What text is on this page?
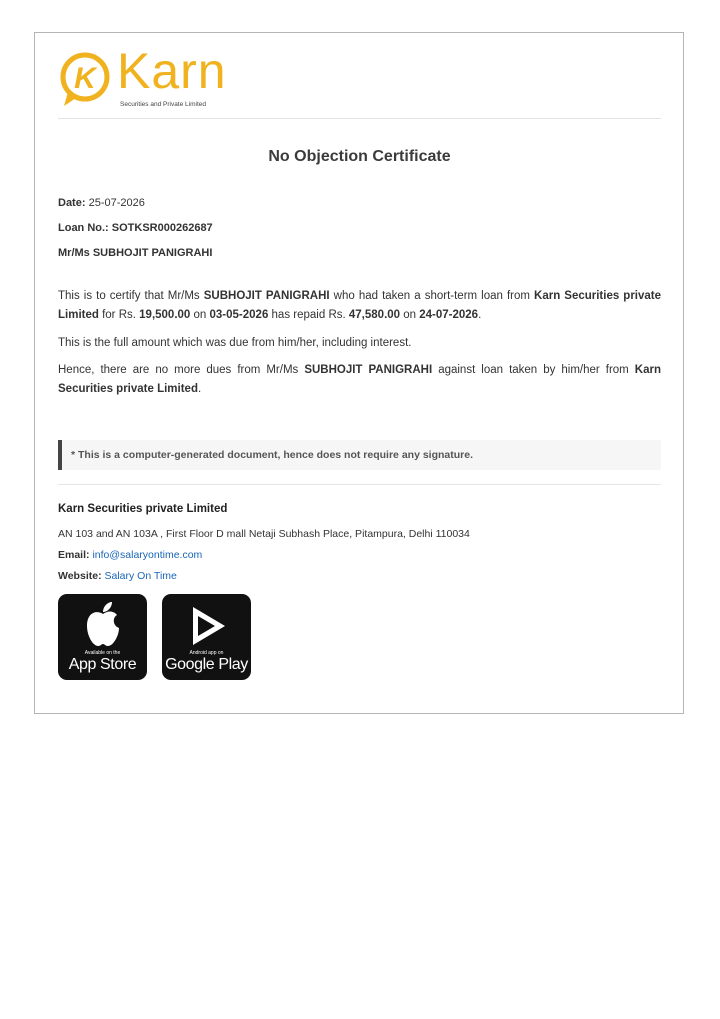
K Karn
Securities and Private Limited
No Objection Certificate
Date: 25-07-2026
Loan No.: SOTKSR000262687
Mr/Ms SUBHOJIT PANIGRAHI
This is to certify that Mr/Ms SUBHOJIT PANIGRAHI who had taken a short-term loan from Karn Securities private Limited for Rs. 19,500.00 on 03-05-2026 has repaid Rs. 47,580.00 on 24-07-2026.
This is the full amount which was due from him/her, including interest.
Hence, there are no more dues from Mr/Ms SUBHOJIT PANIGRAHI against loan taken by him/her from Karn Securities private Limited.
* This is a computer-generated document, hence does not require any signature.
Karn Securities private Limited
AN 103 and AN 103A , First Floor D mall Netaji Subhash Place, Pitampura, Delhi 110034
Email: info@salaryontime.com
Website: Salary On Time
Available on the
App Store
Android app on
Google Play
